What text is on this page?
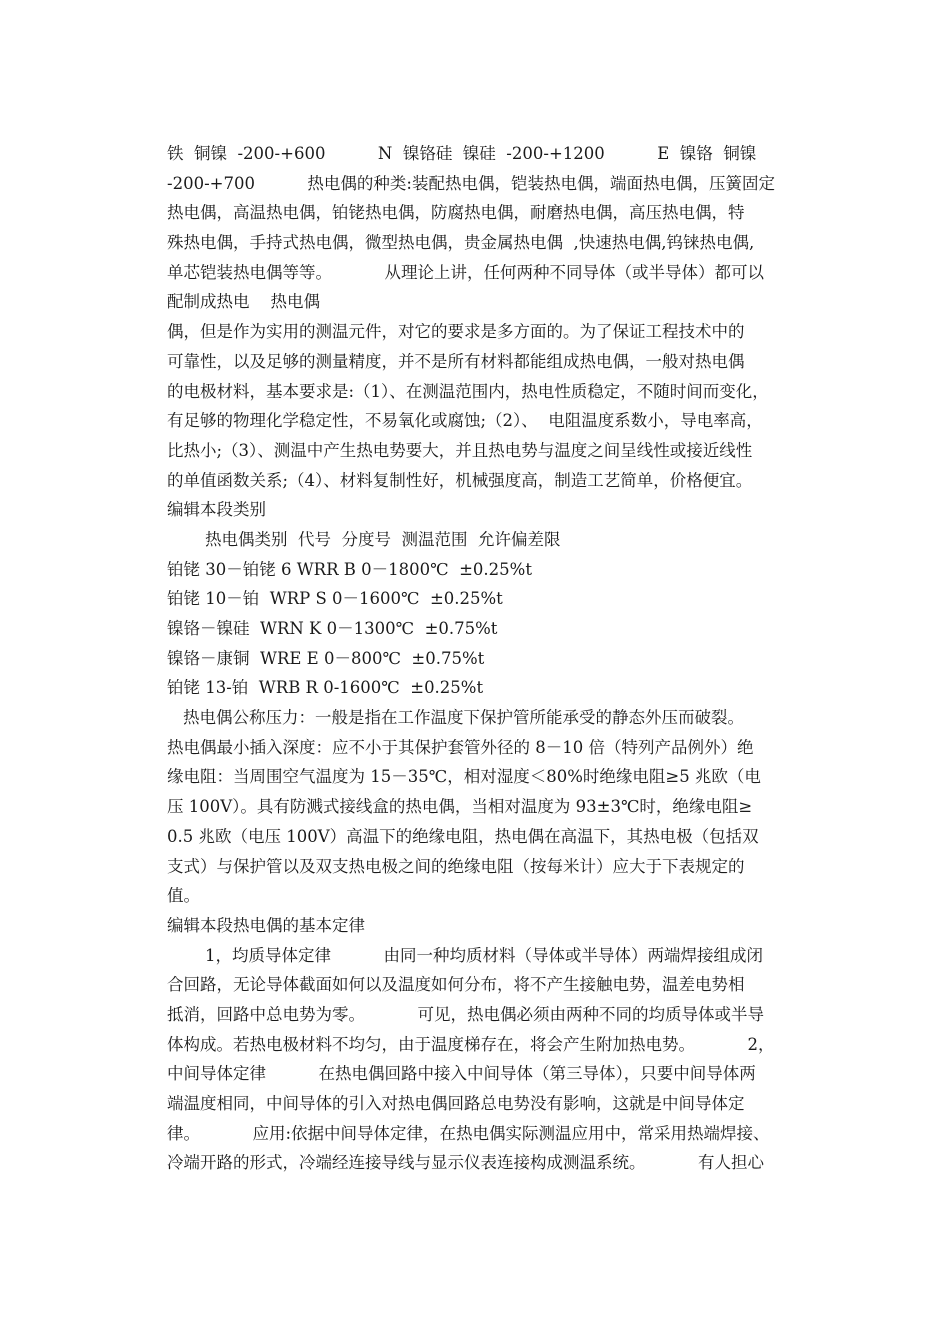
铁  铜镍  -200-+600          N  镍铬硅  镍硅  -200-+1200          E  镍铬  铜镍
-200-+700          热电偶的种类:装配热电偶，铠装热电偶，端面热电偶，压簧固定
热电偶，高温热电偶，铂铑热电偶，防腐热电偶，耐磨热电偶，高压热电偶，特
殊热电偶，手持式热电偶，微型热电偶，贵金属热电偶  ,快速热电偶,钨铼热电偶,
单芯铠装热电偶等等。          从理论上讲，任何两种不同导体（或半导体）都可以
配制成热电    热电偶
偶，但是作为实用的测温元件，对它的要求是多方面的。为了保证工程技术中的
可靠性，以及足够的测量精度，并不是所有材料都能组成热电偶，一般对热电偶
的电极材料，基本要求是:（1）、在测温范围内，热电性质稳定，不随时间而变化，
有足够的物理化学稳定性，不易氧化或腐蚀;（2）、  电阻温度系数小，导电率高，
比热小;（3）、测温中产生热电势要大，并且热电势与温度之间呈线性或接近线性
的单值函数关系;（4）、材料复制性好，机械强度高，制造工艺简单，价格便宜。
编辑本段类别
热电偶类别  代号  分度号  测温范围  允许偏差限
铂铑 30－铂铑 6 WRR B 0－1800℃  ±0.25%t
铂铑 10－铂  WRP S 0－1600℃  ±0.25%t
镍铬－镍硅  WRN K 0－1300℃  ±0.75%t
镍铬－康铜  WRE E 0－800℃  ±0.75%t
铂铑 13-铂  WRB R 0-1600℃  ±0.25%t
热电偶公称压力：一般是指在工作温度下保护管所能承受的静态外压而破裂。
热电偶最小插入深度：应不小于其保护套管外径的 8－10 倍（特列产品例外）绝
缘电阻：当周围空气温度为 15－35℃，相对湿度＜80%时绝缘电阻≥5 兆欧（电
压 100V）。具有防溅式接线盒的热电偶，当相对温度为 93±3℃时，绝缘电阻≥
0.5 兆欧（电压 100V）高温下的绝缘电阻，热电偶在高温下，其热电极（包括双
支式）与保护管以及双支热电极之间的绝缘电阻（按每米计）应大于下表规定的
值。
编辑本段热电偶的基本定律
1，均质导体定律          由同一种均质材料（导体或半导体）两端焊接组成闭
合回路，无论导体截面如何以及温度如何分布，将不产生接触电势，温差电势相
抵消，回路中总电势为零。          可见，热电偶必须由两种不同的均质导体或半导
体构成。若热电极材料不均匀，由于温度梯存在，将会产生附加热电势。          2，
中间导体定律          在热电偶回路中接入中间导体（第三导体），只要中间导体两
端温度相同，中间导体的引入对热电偶回路总电势没有影响，这就是中间导体定
律。          应用:依据中间导体定律，在热电偶实际测温应用中，常采用热端焊接、
冷端开路的形式，冷端经连接导线与显示仪表连接构成测温系统。          有人担心
